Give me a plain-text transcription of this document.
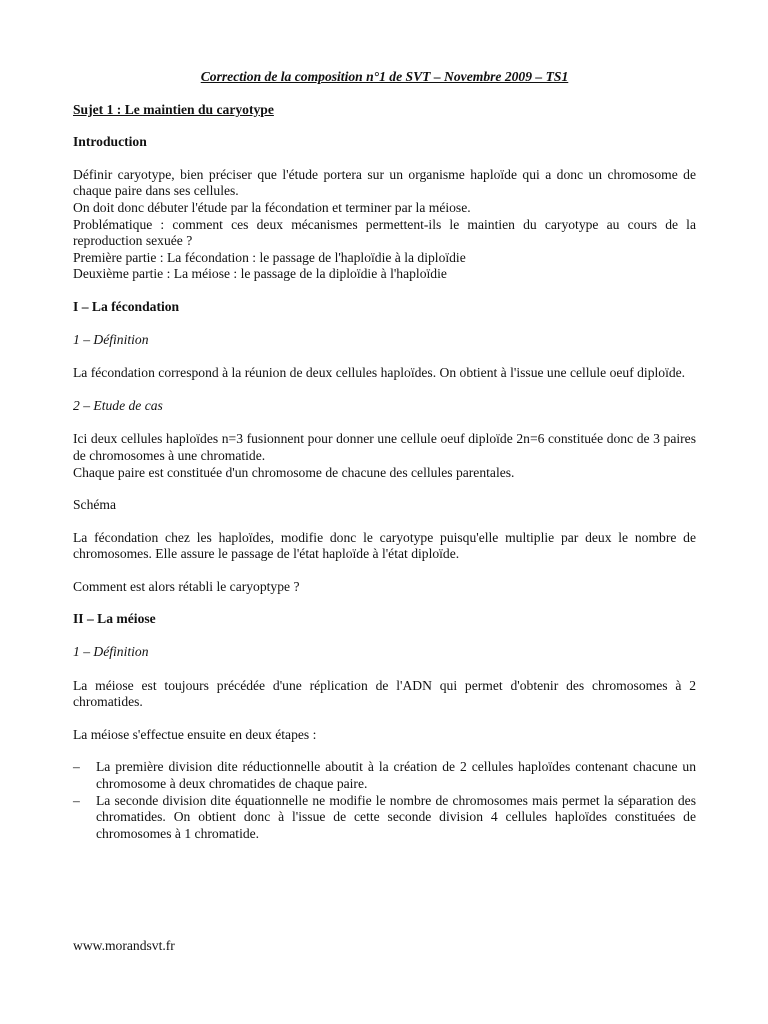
Correction de la composition n°1 de SVT – Novembre 2009 – TS1
Sujet 1 : Le maintien du caryotype
Introduction

Définir caryotype, bien préciser que l'étude portera sur un organisme haploïde qui a donc un chromosome de chaque paire dans ses cellules.
On doit donc débuter l'étude par la fécondation et terminer par la méiose.
Problématique : comment ces deux mécanismes permettent-ils le maintien du caryotype au cours de la reproduction sexuée ?
Première partie : La fécondation : le passage de l'haploïdie à la diploïdie
Deuxième partie : La méiose : le passage de la diploïdie à l'haploïdie

I – La fécondation
1 – Définition

La fécondation correspond à la réunion de deux cellules haploïdes. On obtient à l'issue une cellule oeuf diploïde.

2 – Etude de cas

Ici deux cellules haploïdes n=3 fusionnent pour donner une cellule oeuf diploïde 2n=6 constituée donc de 3 paires de chromosomes à une chromatide.
Chaque paire est constituée d'un chromosome de chacune des cellules parentales.

Schéma

La fécondation chez les haploïdes, modifie donc le caryotype puisqu'elle multiplie par deux le nombre de chromosomes. Elle assure le passage de l'état haploïde à l'état diploïde.

Comment est alors rétabli le caryoptype ?

II – La méiose
1 – Définition

La méiose est toujours précédée d'une réplication de l'ADN qui permet d'obtenir des chromosomes à 2 chromatides.

La méiose s'effectue ensuite en deux étapes :

– La première division dite réductionnelle aboutit à la création de 2 cellules haploïdes contenant chacune un chromosome à deux chromatides de chaque paire.
– La seconde division dite équationnelle ne modifie le nombre de chromosomes mais permet la séparation des chromatides. On obtient donc à l'issue de cette seconde division 4 cellules haploïdes constituées de chromosomes à 1 chromatide.
www.morandsvt.fr
